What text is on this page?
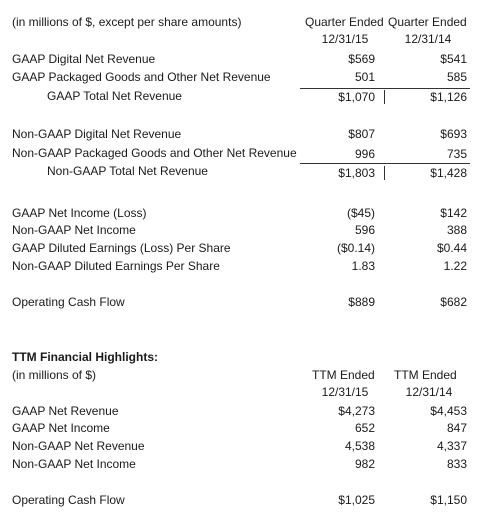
(in millions of $, except per share amounts)	Quarter Ended Quarter Ended
12/31/15	12/31/14
GAAP Digital Net Revenue	$569	$541
GAAP Packaged Goods and Other Net Revenue	501	585
GAAP Total Net Revenue	$1,070	$1,126
Non-GAAP Digital Net Revenue	$807	$693
Non-GAAP Packaged Goods and Other Net Revenue	996	735
Non-GAAP Total Net Revenue	$1,803	$1,428
GAAP Net Income (Loss)	($45)	$142
Non-GAAP Net Income	596	388
GAAP Diluted Earnings (Loss) Per Share	($0.14)	$0.44
Non-GAAP Diluted Earnings Per Share	1.83	1.22
Operating Cash Flow	$889	$682
TTM Financial Highlights:
(in millions of $)	TTM Ended TTM Ended
12/31/15	12/31/14
GAAP Net Revenue	$4,273	$4,453
GAAP Net Income	652	847
Non-GAAP Net Revenue	4,538	4,337
Non-GAAP Net Income	982	833
Operating Cash Flow	$1,025	$1,150
